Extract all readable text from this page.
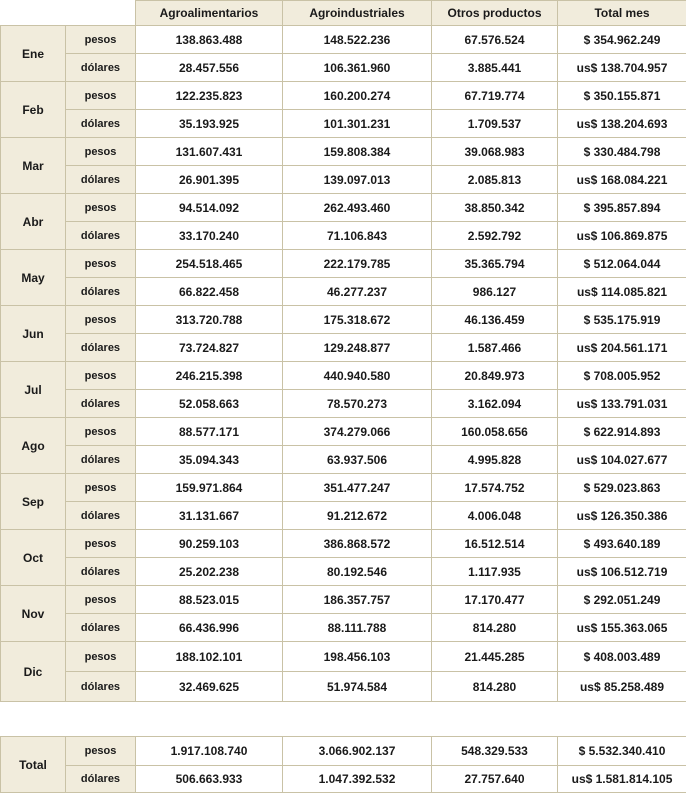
		Agroalimentarios	Agroindustriales	Otros productos	Total mes
Ene	pesos	138.863.488	148.522.236	67.576.524	$ 354.962.249
	dólares	28.457.556	106.361.960	3.885.441	us$ 138.704.957
Feb	pesos	122.235.823	160.200.274	67.719.774	$ 350.155.871
	dólares	35.193.925	101.301.231	1.709.537	us$ 138.204.693
Mar	pesos	131.607.431	159.808.384	39.068.983	$ 330.484.798
	dólares	26.901.395	139.097.013	2.085.813	us$ 168.084.221
Abr	pesos	94.514.092	262.493.460	38.850.342	$ 395.857.894
	dólares	33.170.240	71.106.843	2.592.792	us$ 106.869.875
May	pesos	254.518.465	222.179.785	35.365.794	$ 512.064.044
	dólares	66.822.458	46.277.237	986.127	us$ 114.085.821
Jun	pesos	313.720.788	175.318.672	46.136.459	$ 535.175.919
	dólares	73.724.827	129.248.877	1.587.466	us$ 204.561.171
Jul	pesos	246.215.398	440.940.580	20.849.973	$ 708.005.952
	dólares	52.058.663	78.570.273	3.162.094	us$ 133.791.031
Ago	pesos	88.577.171	374.279.066	160.058.656	$ 622.914.893
	dólares	35.094.343	63.937.506	4.995.828	us$ 104.027.677
Sep	pesos	159.971.864	351.477.247	17.574.752	$ 529.023.863
	dólares	31.131.667	91.212.672	4.006.048	us$ 126.350.386
Oct	pesos	90.259.103	386.868.572	16.512.514	$ 493.640.189
	dólares	25.202.238	80.192.546	1.117.935	us$ 106.512.719
Nov	pesos	88.523.015	186.357.757	17.170.477	$ 292.051.249
	dólares	66.436.996	88.111.788	814.280	us$ 155.363.065
Dic	pesos	188.102.101	198.456.103	21.445.285	$ 408.003.489
	dólares	32.469.625	51.974.584	814.280	us$ 85.258.489
Total	pesos	1.917.108.740	3.066.902.137	548.329.533	$ 5.532.340.410
	dólares	506.663.933	1.047.392.532	27.757.640	us$ 1.581.814.105
